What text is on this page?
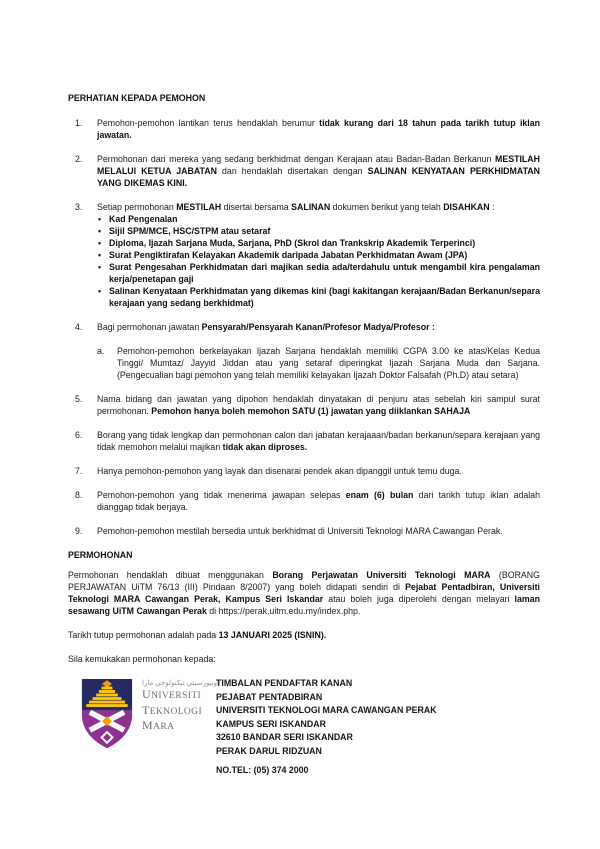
PERHATIAN KEPADA PEMOHON
1. Pemohon-pemohon lantikan terus hendaklah berumur tidak kurang dari 18 tahun pada tarikh tutup iklan jawatan.
2. Permohonan dari mereka yang sedang berkhidmat dengan Kerajaan atau Badan-Badan Berkanun MESTILAH MELALUI KETUA JABATAN dan hendaklah disertakan dengan SALINAN KENYATAAN PERKHIDMATAN YANG DIKEMAS KINI.
3. Setiap permohonan MESTILAH disertai bersama SALINAN dokumen berikut yang telah DISAHKAN :
• Kad Pengenalan
• Sijil SPM/MCE, HSC/STPM atau setaraf
• Diploma, Ijazah Sarjana Muda, Sarjana, PhD (Skrol dan Trankskrip Akademik Terperinci)
• Surat Pengiktirafan Kelayakan Akademik daripada Jabatan Perkhidmatan Awam (JPA)
• Surat Pengesahan Perkhidmatan dari majikan sedia ada/terdahulu untuk mengambil kira pengalaman kerja/penetapan gaji
• Salinan Kenyataan Perkhidmatan yang dikemas kini (bagi kakitangan kerajaan/Badan Berkanun/separa kerajaan yang sedang berkhidmat)
4. Bagi permohonan jawatan Pensyarah/Pensyarah Kanan/Profesor Madya/Profesor :
a. Pemohon-pemohon berkelayakan Ijazah Sarjana hendaklah memiliki CGPA 3.00 ke atas/Kelas Kedua Tinggi/ Mumtaz/ Jayyid Jiddan atau yang setaraf diperingkat Ijazah Sarjana Muda dan Sarjana. (Pengecualian bagi pemohon yang telah memiliki kelayakan Ijazah Doktor Falsafah (Ph.D) atau setara)
5. Nama bidang dan jawatan yang dipohon hendaklah dinyatakan di penjuru atas sebelah kiri sampul surat permohonan. Pemohon hanya boleh memohon SATU (1) jawatan yang diiklankan SAHAJA
6. Borang yang tidak lengkap dan permohonan calon dari jabatan kerajaaan/badan berkanun/separa kerajaan yang tidak memohon melalui majikan tidak akan diproses.
7. Hanya pemohon-pemohon yang layak dan disenarai pendek akan dipanggil untuk temu duga.
8. Pemohon-pemohon yang tidak menerima jawapan selepas enam (6) bulan dari tarikh tutup iklan adalah dianggap tidak berjaya.
9. Pemohon-pemohon mestilah bersedia untuk berkhidmat di Universiti Teknologi MARA Cawangan Perak.
PERMOHONAN
Permohonan hendaklah dibuat menggunakan Borang Perjawatan Universiti Teknologi MARA (BORANG PERJAWATAN UiTM 76/13 (III) Pindaan 8/2007) yang boleh didapati sendiri di Pejabat Pentadbiran, Universiti Teknologi MARA Cawangan Perak, Kampus Seri Iskandar atau boleh juga diperolehi dengan melayari laman sesawang UiTM Cawangan Perak di https://perak.uitm.edu.my/index.php.
Tarikh tutup permohonan adalah pada 13 JANUARI 2025 (ISNIN).
Sila kemukakan permohonan kepada:
اونيورسيتي تيكنولوجي مارا
UNIVERSITI
TEKNOLOGI
MARA
TIMBALAN PENDAFTAR KANAN
PEJABAT PENTADBIRAN
UNIVERSITI TEKNOLOGI MARA CAWANGAN PERAK
KAMPUS SERI ISKANDAR
32610 BANDAR SERI ISKANDAR
PERAK DARUL RIDZUAN
NO.TEL: (05) 374 2000
